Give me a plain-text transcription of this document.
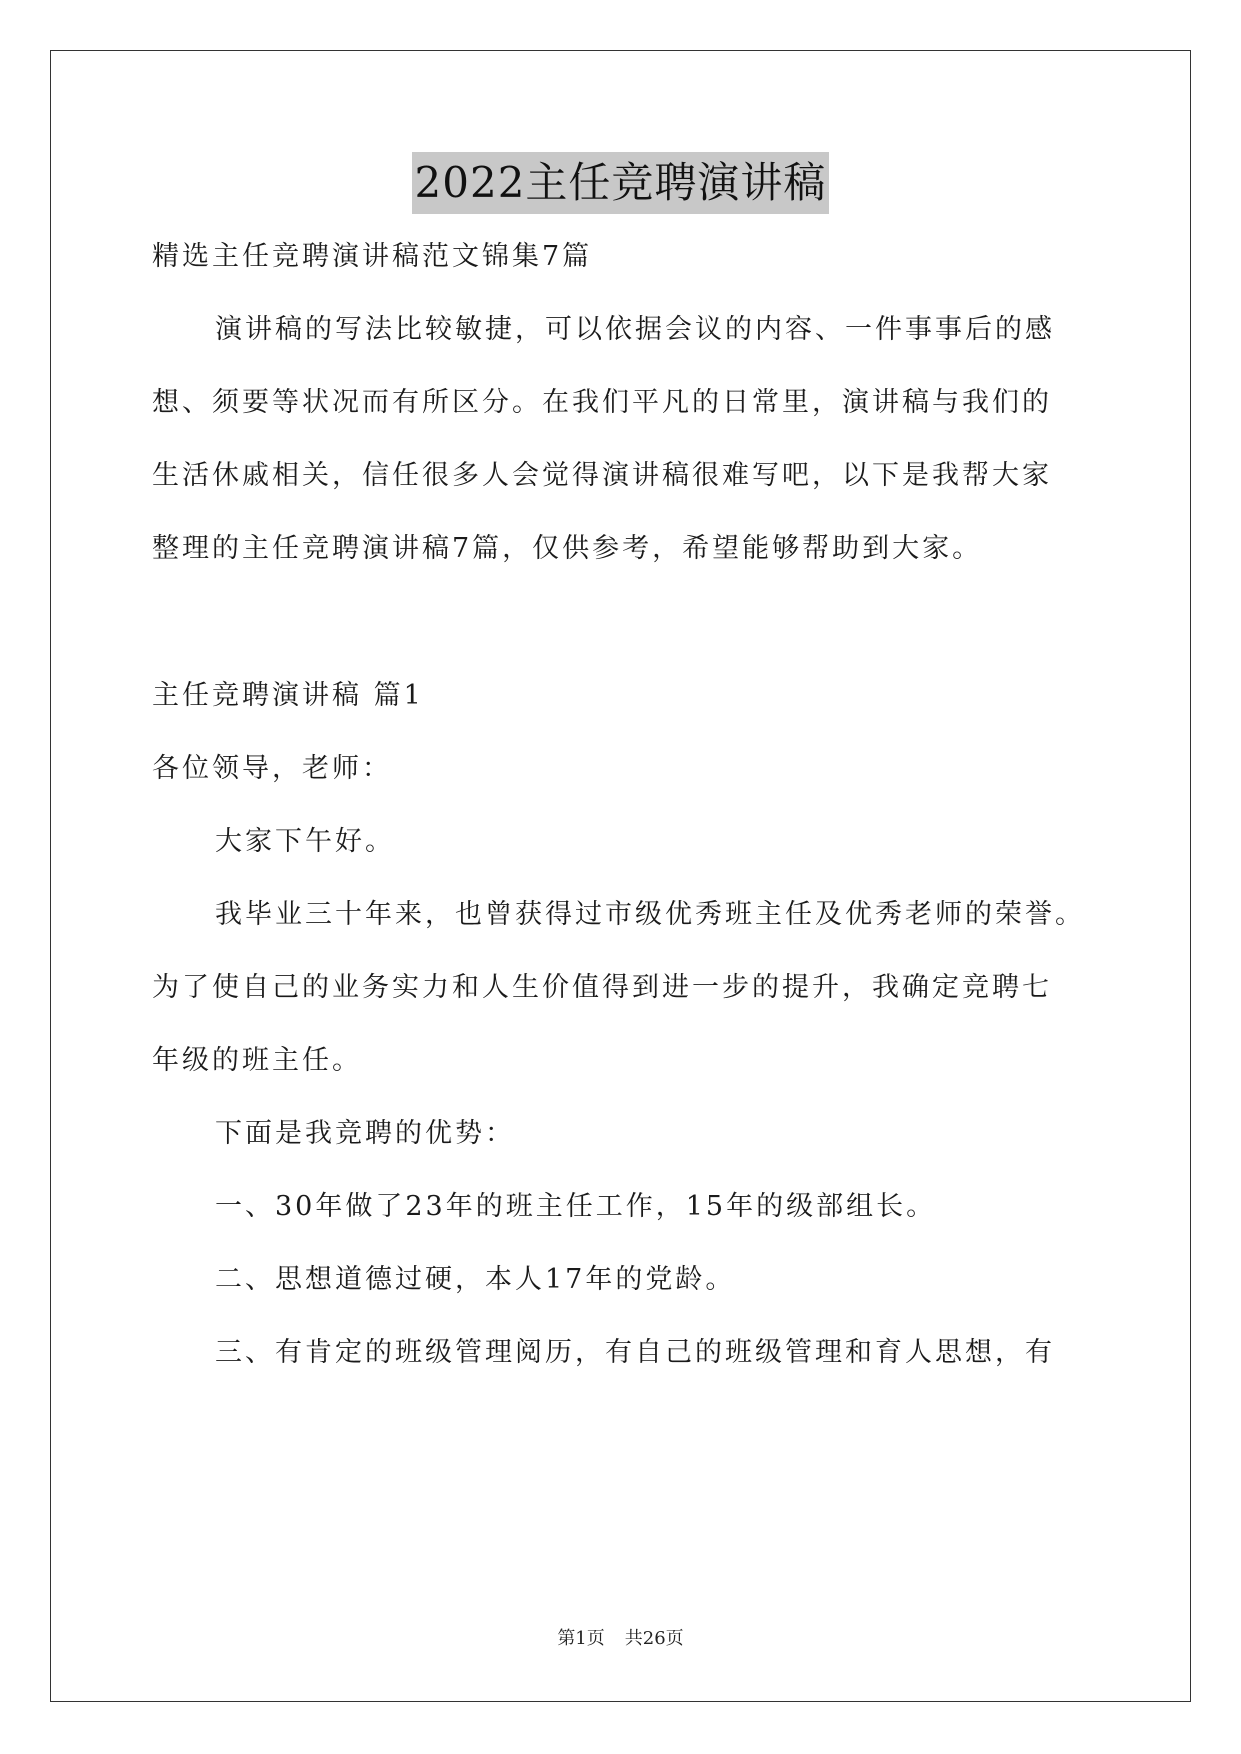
2022主任竞聘演讲稿
精选主任竞聘演讲稿范文锦集7篇
演讲稿的写法比较敏捷，可以依据会议的内容、一件事事后的感
想、须要等状况而有所区分。在我们平凡的日常里，演讲稿与我们的
生活休戚相关，信任很多人会觉得演讲稿很难写吧，以下是我帮大家
整理的主任竞聘演讲稿7篇，仅供参考，希望能够帮助到大家。
主任竞聘演讲稿 篇1
各位领导，老师：
大家下午好。
我毕业三十年来，也曾获得过市级优秀班主任及优秀老师的荣誉。
为了使自己的业务实力和人生价值得到进一步的提升，我确定竞聘七
年级的班主任。
下面是我竞聘的优势：
一、30年做了23年的班主任工作，15年的级部组长。
二、思想道德过硬，本人17年的党龄。
三、有肯定的班级管理阅历，有自己的班级管理和育人思想，有
第1页 共26页
